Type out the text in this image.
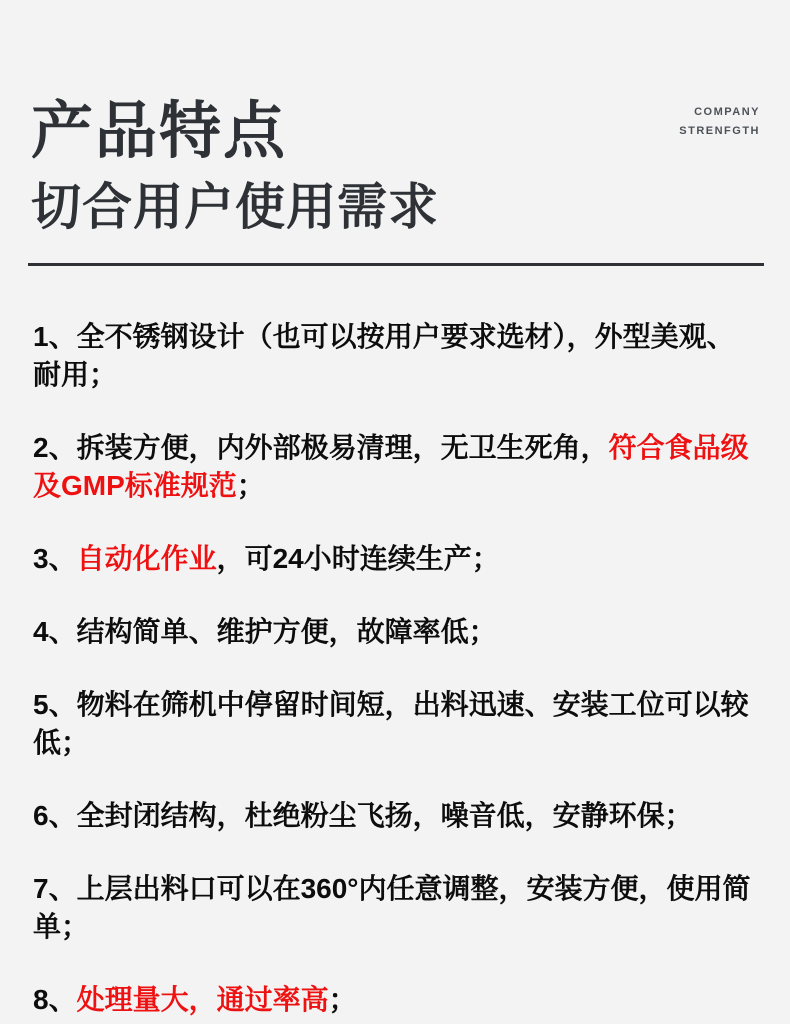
产品特点
切合用户使用需求
COMPANY
STRENFGTH

1、全不锈钢设计（也可以按用户要求选材），外型美观、耐用；

2、拆装方便，内外部极易清理，无卫生死角，符合食品级及GMP标准规范；

3、自动化作业，可24小时连续生产；

4、结构简单、维护方便，故障率低；

5、物料在筛机中停留时间短，出料迅速、安装工位可以较低；

6、全封闭结构，杜绝粉尘飞扬，噪音低，安静环保；

7、上层出料口可以在360°内任意调整，安装方便，使用简单；

8、处理量大，通过率高；
